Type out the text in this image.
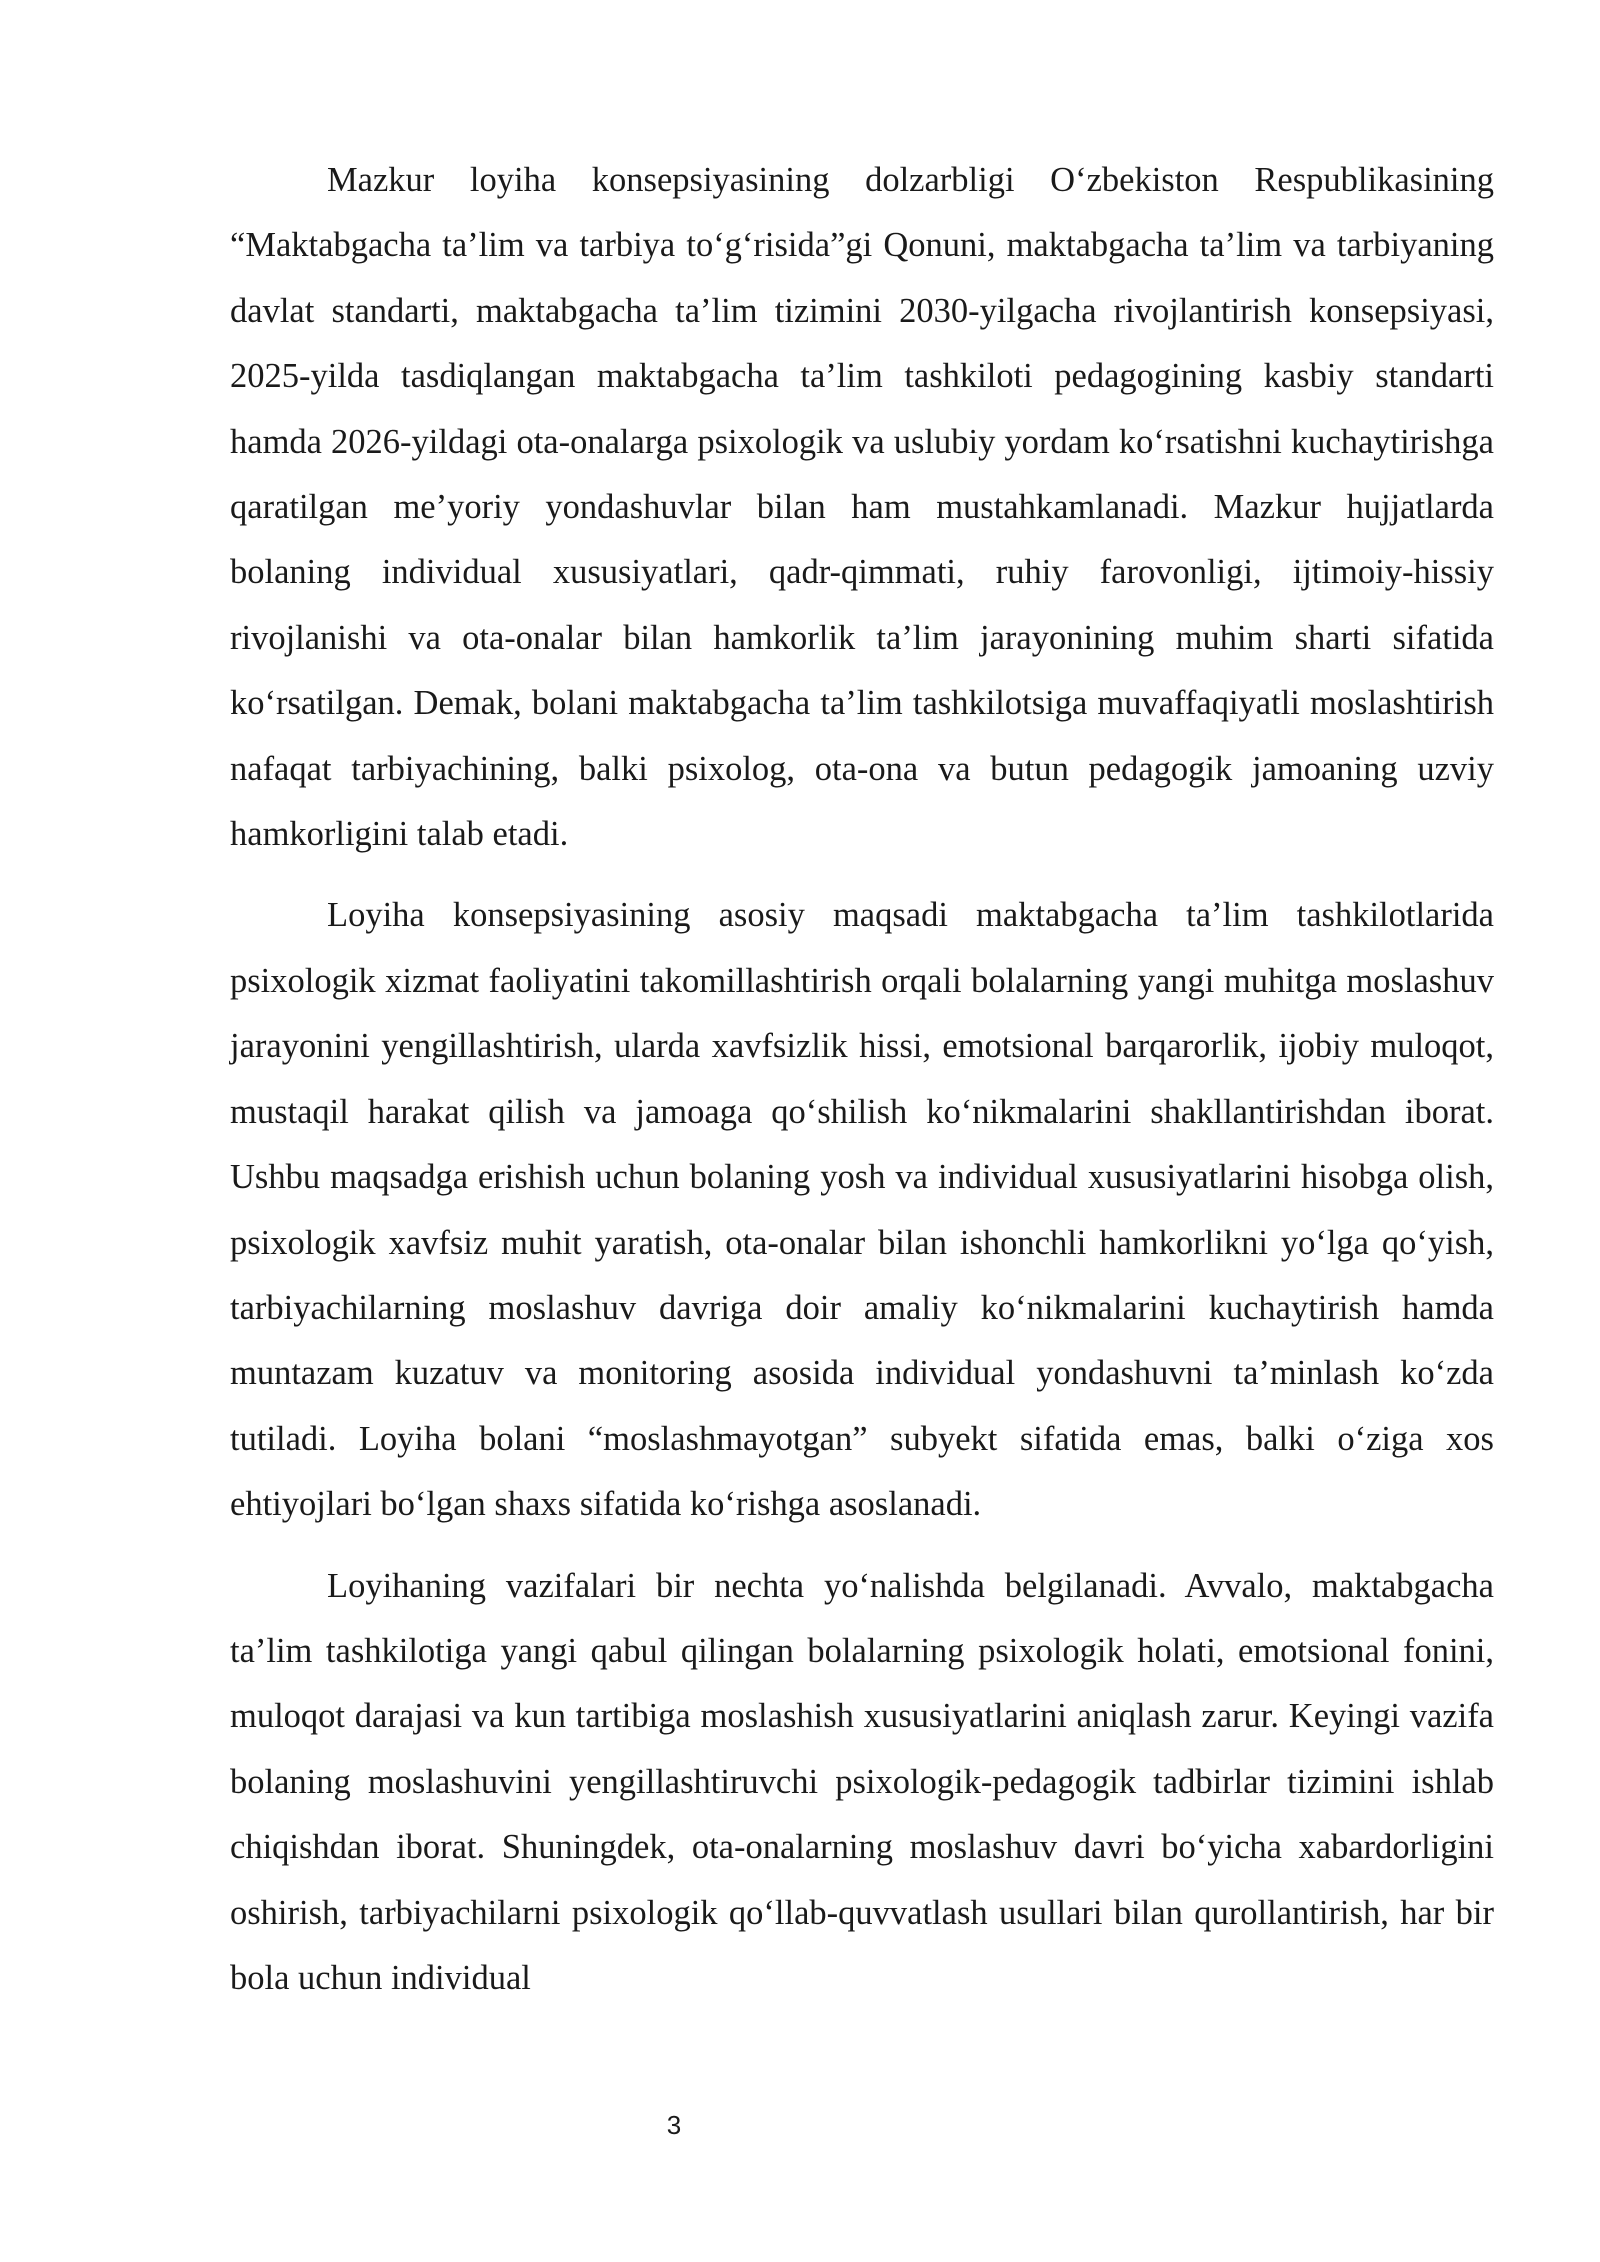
Mazkur loyiha konsepsiyasining dolzarbligi O‘zbekiston Respublikasining “Maktabgacha ta’lim va tarbiya to‘g‘risida”gi Qonuni, maktabgacha ta’lim va tarbiyaning davlat standarti, maktabgacha ta’lim tizimini 2030-yilgacha rivojlantirish konsepsiyasi, 2025-yilda tasdiqlangan maktabgacha ta’lim tashkiloti pedagogining kasbiy standarti hamda 2026-yildagi ota-onalarga psixologik va uslubiy yordam ko‘rsatishni kuchaytirishga qaratilgan me’yoriy yondashuvlar bilan ham mustahkamlanadi. Mazkur hujjatlarda bolaning individual xususiyatlari, qadr-qimmati, ruhiy farovonligi, ijtimoiy-hissiy rivojlanishi va ota-onalar bilan hamkorlik ta’lim jarayonining muhim sharti sifatida ko‘rsatilgan. Demak, bolani maktabgacha ta’lim tashkilotsiga muvaffaqiyatli moslashtirish nafaqat tarbiyachining, balki psixolog, ota-ona va butun pedagogik jamoaning uzviy hamkorligini talab etadi.

Loyiha konsepsiyasining asosiy maqsadi maktabgacha ta’lim tashkilotlarida psixologik xizmat faoliyatini takomillashtirish orqali bolalarning yangi muhitga moslashuv jarayonini yengillashtirish, ularda xavfsizlik hissi, emotsional barqarorlik, ijobiy muloqot, mustaqil harakat qilish va jamoaga qo‘shilish ko‘nikmalarini shakllantirishdan iborat. Ushbu maqsadga erishish uchun bolaning yosh va individual xususiyatlarini hisobga olish, psixologik xavfsiz muhit yaratish, ota-onalar bilan ishonchli hamkorlikni yo‘lga qo‘yish, tarbiyachilarning moslashuv davriga doir amaliy ko‘nikmalarini kuchaytirish hamda muntazam kuzatuv va monitoring asosida individual yondashuvni ta’minlash ko‘zda tutiladi. Loyiha bolani “moslashmayotgan” subyekt sifatida emas, balki o‘ziga xos ehtiyojlari bo‘lgan shaxs sifatida ko‘rishga asoslanadi.

Loyihaning vazifalari bir nechta yo‘nalishda belgilanadi. Avvalo, maktabgacha ta’lim tashkilotiga yangi qabul qilingan bolalarning psixologik holati, emotsional fonini, muloqot darajasi va kun tartibiga moslashish xususiyatlarini aniqlash zarur. Keyingi vazifa bolaning moslashuvini yengillashtiruvchi psixologik-pedagogik tadbirlar tizimini ishlab chiqishdan iborat. Shuningdek, ota-onalarning moslashuv davri bo‘yicha xabardorligini oshirish, tarbiyachilarni psixologik qo‘llab-quvvatlash usullari bilan qurollantirish, har bir bola uchun individual

3
